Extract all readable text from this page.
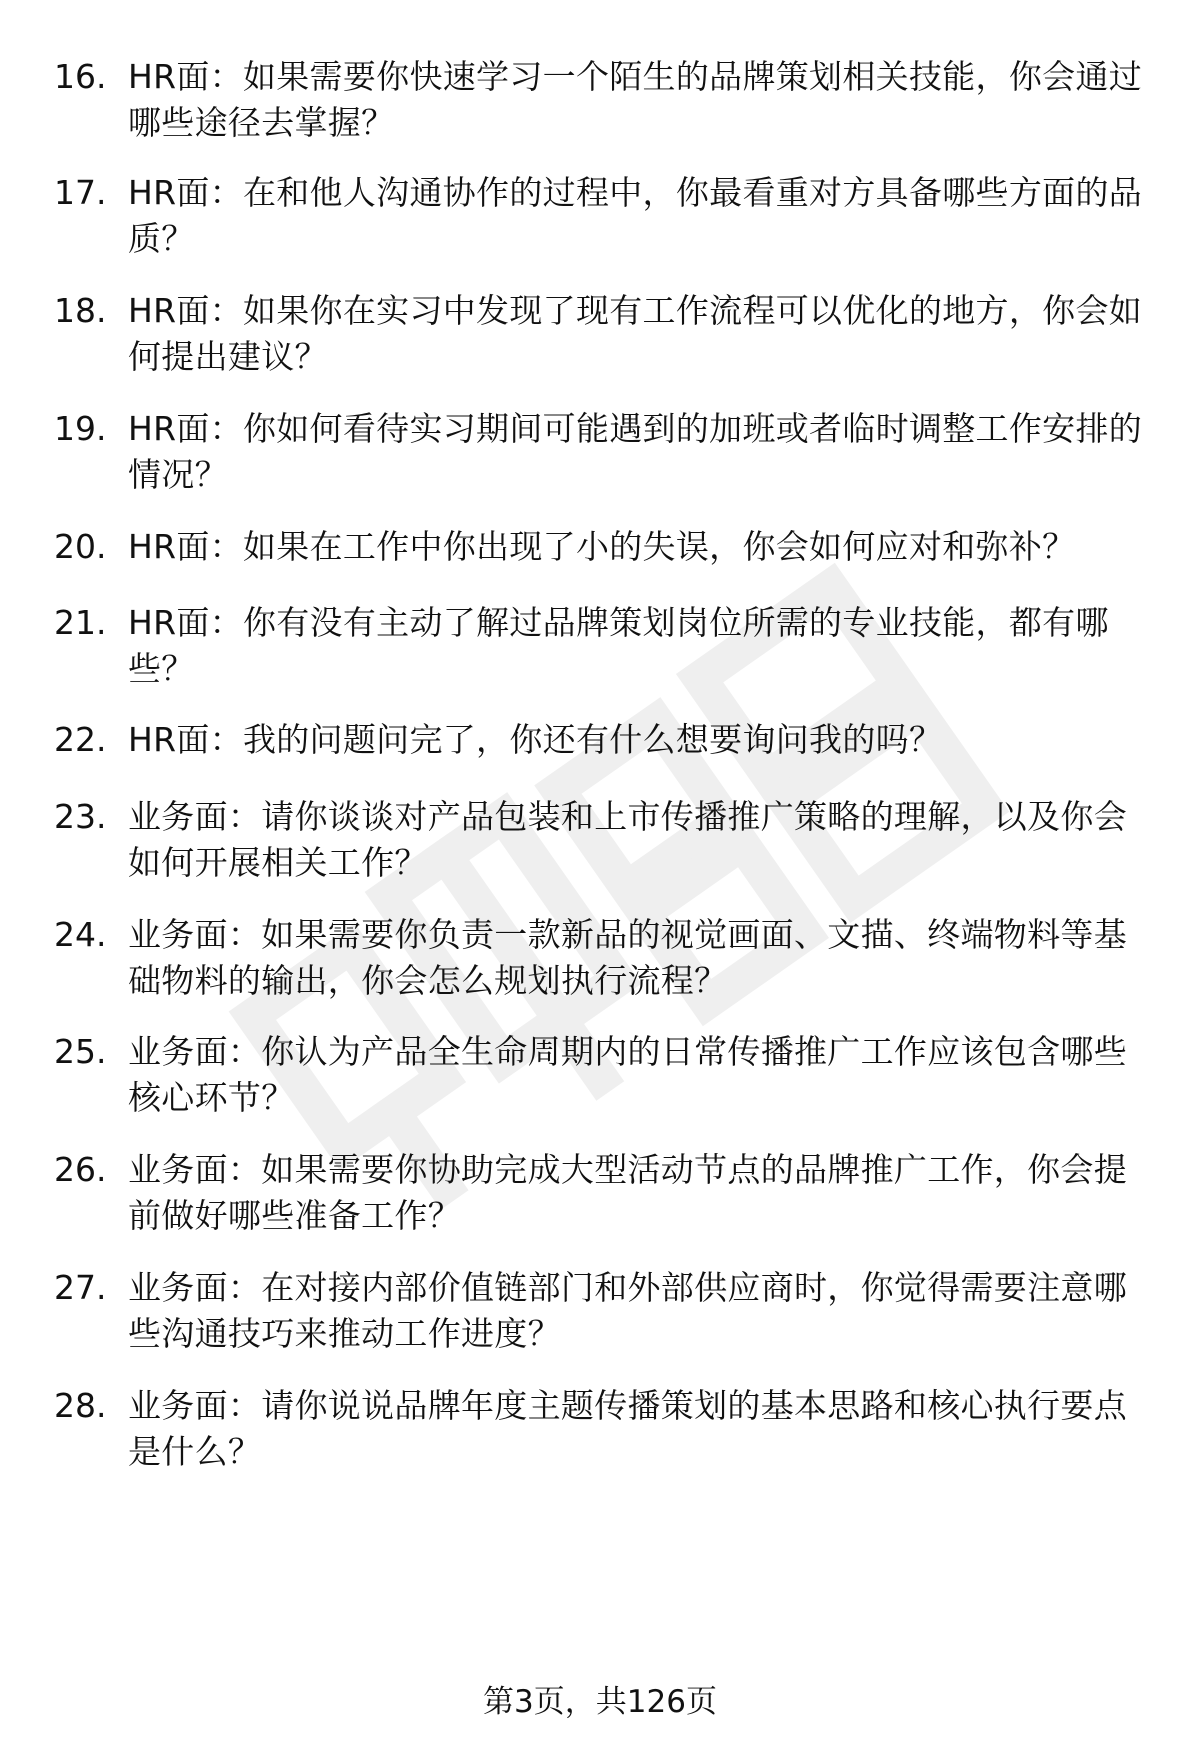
16. HR面：如果需要你快速学习一个陌生的品牌策划相关技能，你会通过哪些途径去掌握？
17. HR面：在和他人沟通协作的过程中，你最看重对方具备哪些方面的品质？
18. HR面：如果你在实习中发现了现有工作流程可以优化的地方，你会如何提出建议？
19. HR面：你如何看待实习期间可能遇到的加班或者临时调整工作安排的情况？
20. HR面：如果在工作中你出现了小的失误，你会如何应对和弥补？
21. HR面：你有没有主动了解过品牌策划岗位所需的专业技能，都有哪些？
22. HR面：我的问题问完了，你还有什么想要询问我的吗？
23. 业务面：请你谈谈对产品包装和上市传播推广策略的理解，以及你会如何开展相关工作？
24. 业务面：如果需要你负责一款新品的视觉画面、文描、终端物料等基础物料的输出，你会怎么规划执行流程？
25. 业务面：你认为产品全生命周期内的日常传播推广工作应该包含哪些核心环节？
26. 业务面：如果需要你协助完成大型活动节点的品牌推广工作，你会提前做好哪些准备工作？
27. 业务面：在对接内部价值链部门和外部供应商时，你觉得需要注意哪些沟通技巧来推动工作进度？
28. 业务面：请你说说品牌年度主题传播策划的基本思路和核心执行要点是什么？
第3页，共126页
